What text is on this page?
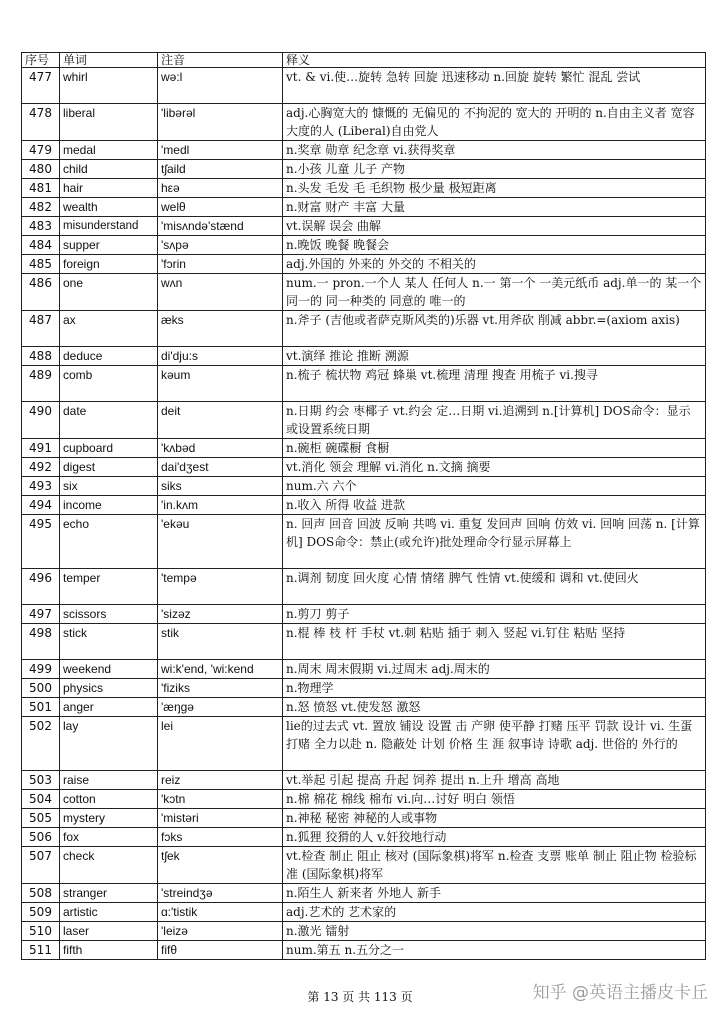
序号	单词	注音	释义
477	whirl	wə:l	vt. & vi.使…旋转 急转 回旋 迅速移动 n.回旋 旋转 繁忙 混乱 尝试
478	liberal	'libərəl	adj.心胸宽大的 慷慨的 无偏见的 不拘泥的 宽大的 开明的 n.自由主义者 宽容大度的人 (Liberal)自由党人
479	medal	'medl	n.奖章 勋章 纪念章 vi.获得奖章
480	child	tʃaild	n.小孩 儿童 儿子 产物
481	hair	hεə	n.头发 毛发 毛 毛织物 极少量 极短距离
482	wealth	welθ	n.财富 财产 丰富 大量
483	misunderstand	'misʌndə'stænd	vt.误解 误会 曲解
484	supper	'sʌpə	n.晚饭 晚餐 晚餐会
485	foreign	'fɔrin	adj.外国的 外来的 外交的 不相关的
486	one	wʌn	num.一 pron.一个人 某人 任何人 n.一 第一个 一美元纸币 adj.单一的 某一个 同一的 同一种类的 同意的 唯一的
487	ax	æks	n.斧子 (吉他或者萨克斯风类的)乐器 vt.用斧砍 削减 abbr.=(axiom axis)
488	deduce	di'dju:s	vt.演绎 推论 推断 溯源
489	comb	kəum	n.梳子 梳状物 鸡冠 蜂巢 vt.梳理 清理 搜查 用梳子 vi.搜寻
490	date	deit	n.日期 约会 枣椰子 vt.约会 定…日期 vi.追溯到 n.[计算机] DOS命令：显示或设置系统日期
491	cupboard	'kʌbəd	n.碗柜 碗碟橱 食橱
492	digest	dai'dʒest	vt.消化 领会 理解 vi.消化 n.文摘 摘要
493	six	siks	num.六 六个
494	income	'in.kʌm	n.收入 所得 收益 进款
495	echo	'ekəu	n. 回声 回音 回波 反响 共鸣 vi. 重复 发回声 回响 仿效 vi. 回响 回荡 n. [计算机] DOS命令：禁止(或允许)批处理命令行显示屏幕上
496	temper	'tempə	n.调剂 韧度 回火度 心情 情绪 脾气 性情 vt.使缓和 调和 vt.使回火
497	scissors	'sizəz	n.剪刀 剪子
498	stick	stik	n.棍 棒 枝 杆 手杖 vt.刺 粘贴 插于 刺入 竖起 vi.钉住 粘贴 坚持
499	weekend	wi:k'end, 'wi:kend	n.周末 周末假期 vi.过周末 adj.周末的
500	physics	'fiziks	n.物理学
501	anger	'æŋgə	n.怒 愤怒 vt.使发怒 激怒
502	lay	lei	lie的过去式 vt. 置放 铺设 设置 击 产卵 使平静 打赌 压平 罚款 设计 vi. 生蛋 打赌 全力以赴 n. 隐蔽处 计划 价格 生 涯 叙事诗 诗歌 adj. 世俗的 外行的
503	raise	reiz	vt.举起 引起 提高 升起 饲养 提出 n.上升 增高 高地
504	cotton	'kɔtn	n.棉 棉花 棉线 棉布 vi.向…讨好 明白 领悟
505	mystery	'mistəri	n.神秘 秘密 神秘的人或事物
506	fox	fɔks	n.狐狸 狡猾的人 v.奸狡地行动
507	check	tʃek	vt.检查 制止 阻止 核对 (国际象棋)将军 n.检查 支票 账单 制止 阻止物 检验标准 (国际象棋)将军
508	stranger	'streindʒə	n.陌生人 新来者 外地人 新手
509	artistic	ɑ:'tistik	adj.艺术的 艺术家的
510	laser	'leizə	n.激光 镭射
511	fifth	fifθ	num.第五 n.五分之一
第 13 页 共 113 页	知乎 @英语主播皮卡丘
